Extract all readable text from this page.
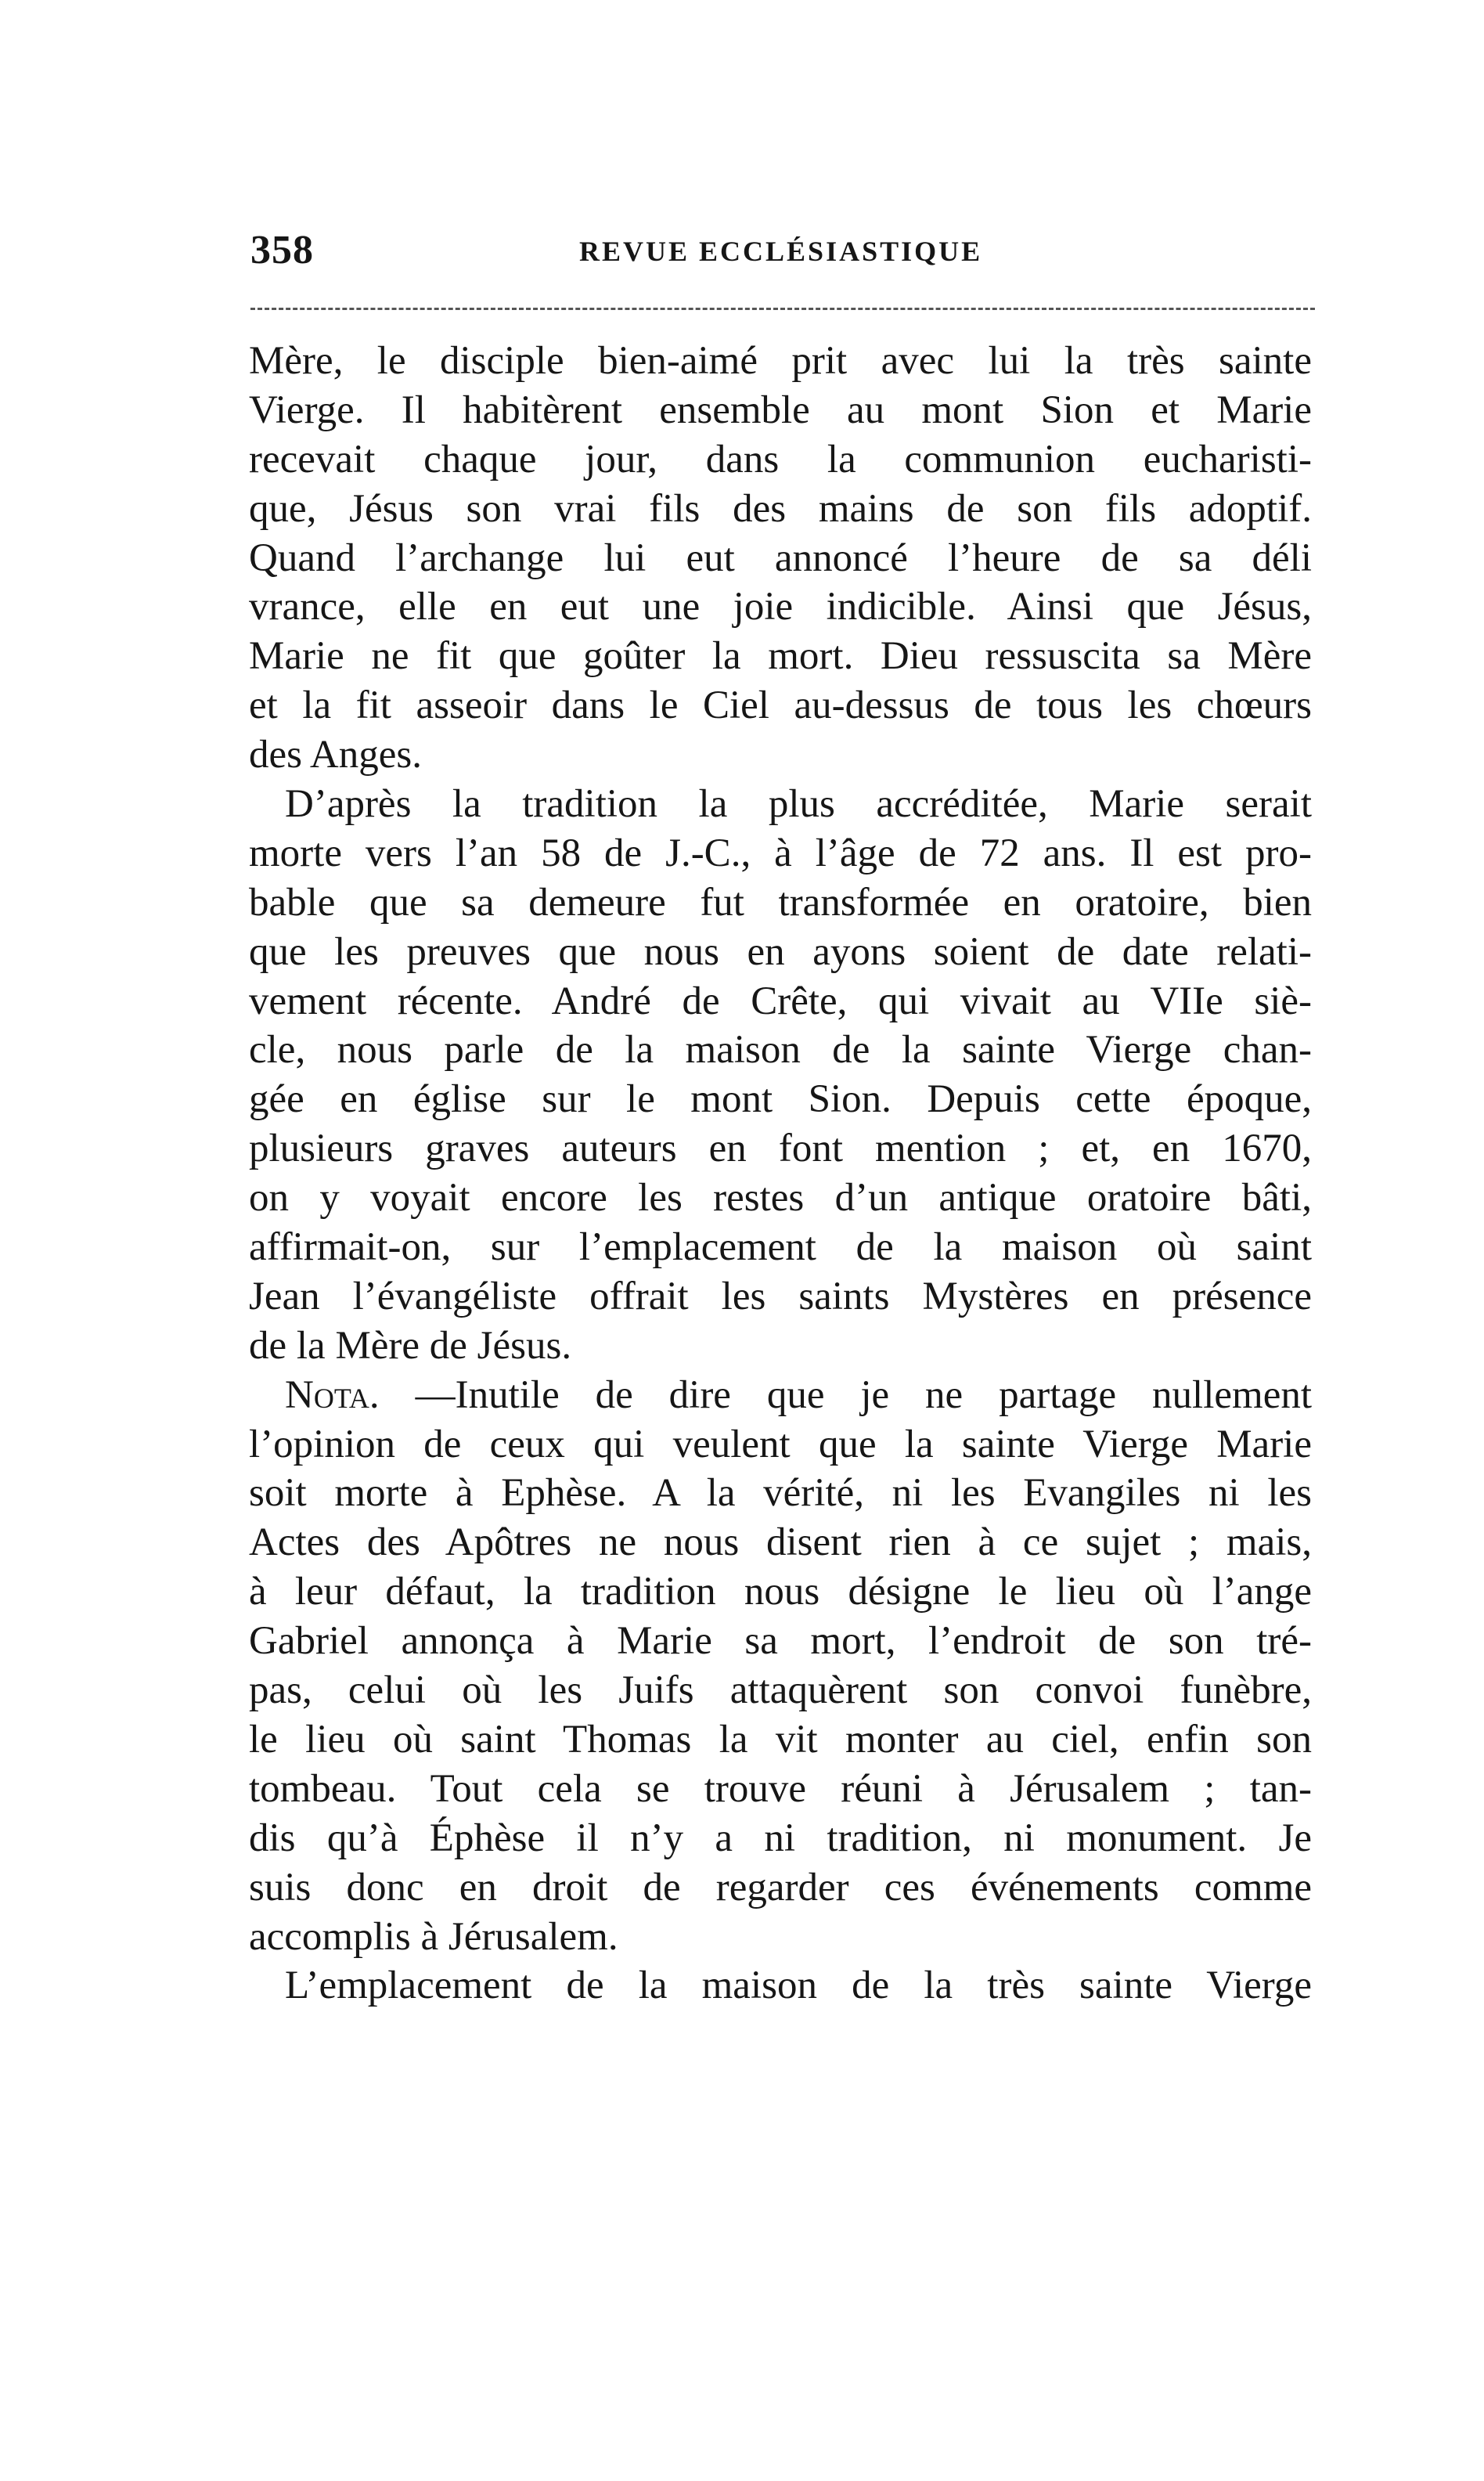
358	REVUE ECCLÉSIASTIQUE
Mère, le disciple bien-aimé prit avec lui la très sainte
Vierge. Il habitèrent ensemble au mont Sion et Marie
recevait chaque jour, dans la communion eucharisti-
que, Jésus son vrai fils des mains de son fils adoptif.
Quand l’archange lui eut annoncé l’heure de sa déli
vrance, elle en eut une joie indicible. Ainsi que Jésus,
Marie ne fit que goûter la mort. Dieu ressuscita sa Mère
et la fit asseoir dans le Ciel au-dessus de tous les chœurs
des Anges.
D’après la tradition la plus accréditée, Marie serait
morte vers l’an 58 de J.-C., à l’âge de 72 ans. Il est pro-
bable que sa demeure fut transformée en oratoire, bien
que les preuves que nous en ayons soient de date relati-
vement récente. André de Crête, qui vivait au VIIe siè-
cle, nous parle de la maison de la sainte Vierge chan-
gée en église sur le mont Sion. Depuis cette époque,
plusieurs graves auteurs en font mention ; et, en 1670,
on y voyait encore les restes d’un antique oratoire bâti,
affirmait-on, sur l’emplacement de la maison où saint
Jean l’évangéliste offrait les saints Mystères en présence
de la Mère de Jésus.
Nota. —Inutile de dire que je ne partage nullement
l’opinion de ceux qui veulent que la sainte Vierge Marie
soit morte à Ephèse. A la vérité, ni les Evangiles ni les
Actes des Apôtres ne nous disent rien à ce sujet ; mais,
à leur défaut, la tradition nous désigne le lieu où l’ange
Gabriel annonça à Marie sa mort, l’endroit de son tré-
pas, celui où les Juifs attaquèrent son convoi funèbre,
le lieu où saint Thomas la vit monter au ciel, enfin son
tombeau. Tout cela se trouve réuni à Jérusalem ; tan-
dis qu’à Éphèse il n’y a ni tradition, ni monument. Je
suis donc en droit de regarder ces événements comme
accomplis à Jérusalem.
L’emplacement de la maison de la très sainte Vierge
